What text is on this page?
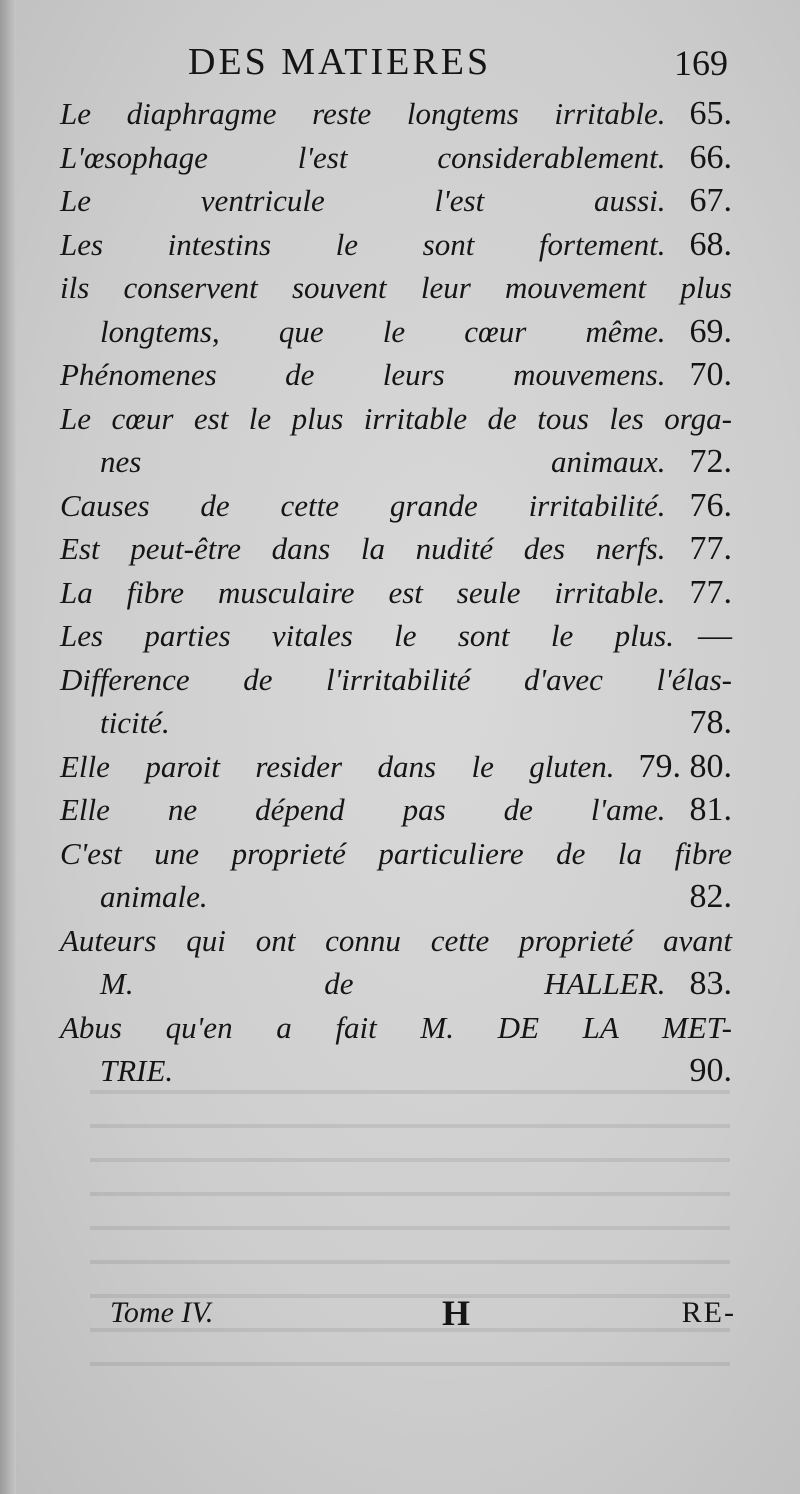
DES MATIERES	169
Le diaphragme reste longtems irritable. 65.
L'œsophage l'est considerablement. 66.
Le ventricule l'est aussi. 67.
Les intestins le sont fortement. 68.
ils conservent souvent leur mouvement plus
longtems, que le cœur même. 69.
Phénomenes de leurs mouvemens. 70.
Le cœur est le plus irritable de tous les orga-
nes animaux. 72.
Causes de cette grande irritabilité. 76.
Est peut-être dans la nudité des nerfs. 77.
La fibre musculaire est seule irritable. 77.
Les parties vitales le sont le plus. —
Difference de l'irritabilité d'avec l'élas-
ticité.	78.
Elle paroit resider dans le gluten. 79. 80.
Elle ne dépend pas de l'ame. 81.
C'est une proprieté particuliere de la fibre
animale.	82.
Auteurs qui ont connu cette proprieté avant
M. de HALLER. 83.
Abus qu'en a fait M. DE LA MET-
TRIE.	90.
Tome IV.	H	RE-
